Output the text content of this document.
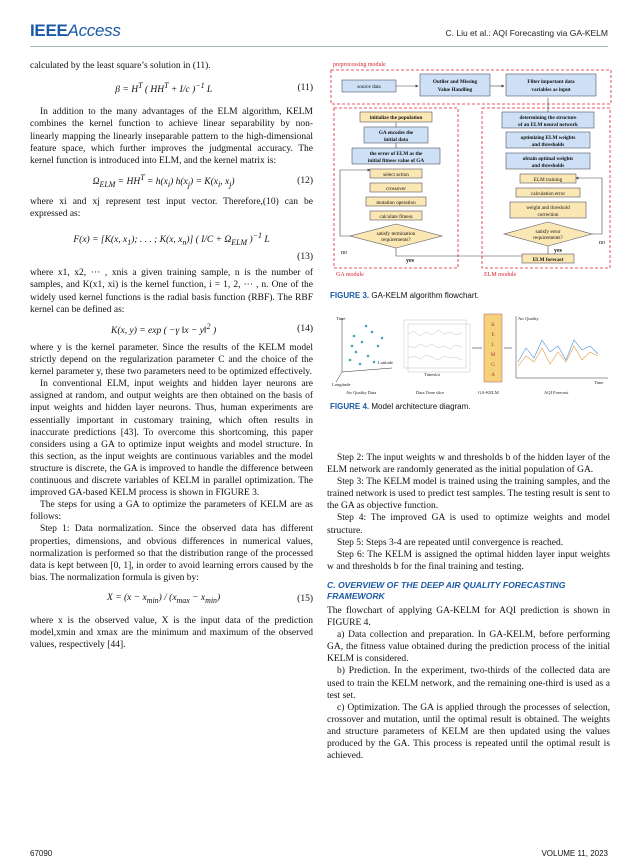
IEEEAccess	C. Liu et al.: AQI Forecasting via GA-KELM

calculated by the least square’s solution in (11).

$\beta = H^T$ ( $HH^T + I/c$ )$^{-1}$ L	(11)

In addition to the many advantages of the ELM algorithm, KELM combines the kernel function to achieve linear separability by non-linearly mapping the linearly inseparable pattern to the high-dimensional feature space, which further improves the judgmental accuracy. The kernel function is introduced into ELM, and the kernel matrix is:

$\Omega_{ELM} = HH^T = h(x_i) h(x_j) = K(x_i$, $x_j$)	(12)

where xi and xj represent test input vector. Therefore,(10) can be expressed as:

F(x) = [K(x, $x_1$); . . . ; K(x, $x_n$)] ( $I/C + \Omega_{ELM}$ )$^{-1}$ L
(13)

where x1, x2, ··· , xnis a given training sample, n is the number of samples, and K(x1, xi) is the kernel function, i = 1, 2, ··· , n. One of the widely used kernel functions is the radial basis function (RBF). The RBF kernel can be defined as:

K(x, y) = exp ( −γ ‖x − y‖$^2$ )	(14)

where y is the kernel parameter. Since the results of the KELM model strictly depend on the regularization parameter C and the choice of the kernel parameter y, these two parameters need to be optimized effectively.

In conventional ELM, input weights and hidden layer neurons are assigned at random, and output weights are then obtained on the basis of input weights and hidden layer neurons. Thus, human experiments are essentially important in customary training, which often results in inaccurate predictions [43]. To overcome this shortcoming, this paper considers using a GA to optimize input weights and model structure. In this section, as the input weights are continuous variables and the model structure is discrete, the GA is improved to handle the difference between continuous and discrete variables of KELM in parallel optimization. The improved GA-based KELM process is shown in FIGURE 3.

The steps for using a GA to optimize the parameters of KELM are as follows:

Step 1: Data normalization. Since the observed data has different properties, dimensions, and obvious differences in numerical values, normalization is performed so that the distribution range of the processed data is kept between [0, 1], in order to avoid learning errors caused by the bias. The normalization formula is given by:

$X = (x - x_{min}) / (x_{max} - x_{min})$	(15)

where x is the observed value, X is the input data of the prediction model,xmin and xmax are the minimum and maximum of the observed values, respectively [44].

preprocessing module
source data
Outlier and Missing
Value Handling
Filter important data
variables as input
GA module	ELM module
initialize the population
GA encodes the
initial data
the error of ELM as the
initial fitness value of GA
select action
crossover
mutation operation
calculate fitness
satisfy termination
requirements?
no
yes
determining the structure
of an ELM neural network
optimizing ELM weights
and thresholds
obtain optimal weights
and thresholds
ELM training
calculation error
weight and threshold
correction
satisfy error
requirements?
no
yes
ELM forecast
FIGURE 3. GA-KELM algorithm flowchart.
Time
Longitude
Latitude
Air Quality Data
Timeslot
Data Time slice
K
E
L
M
G
A
GA-KELM
Air Quality
Time
AQI Forecast
FIGURE 4. Model architecture diagram.

Step 2: The input weights w and thresholds b of the hidden layer of the ELM network are randomly generated as the initial population of GA.

Step 3: The KELM model is trained using the training samples, and the trained network is used to predict test samples. The testing result is sent to the GA as objective function.

Step 4: The improved GA is used to optimize weights and model structure.

Step 5: Steps 3-4 are repeated until convergence is reached.

Step 6: The KELM is assigned the optimal hidden layer input weights w and thresholds b for the final training and testing.

C. OVERVIEW OF THE DEEP AIR QUALITY FORECASTING
FRAMEWORK

The flowchart of applying GA-KELM for AQI prediction is shown in FIGURE 4.

a) Data collection and preparation. In GA-KELM, before performing GA, the fitness value obtained during the prediction process of the initial KELM is considered.

b) Prediction. In the experiment, two-thirds of the collected data are used to train the KELM network, and the remaining one-third is used as a test set.

c) Optimization. The GA is applied through the processes of selection, crossover and mutation, until the optimal result is obtained. The weights and structure parameters of KELM are then updated using the values produced by the GA. This process is repeated until the optimal result is achieved.

67090	VOLUME 11, 2023
